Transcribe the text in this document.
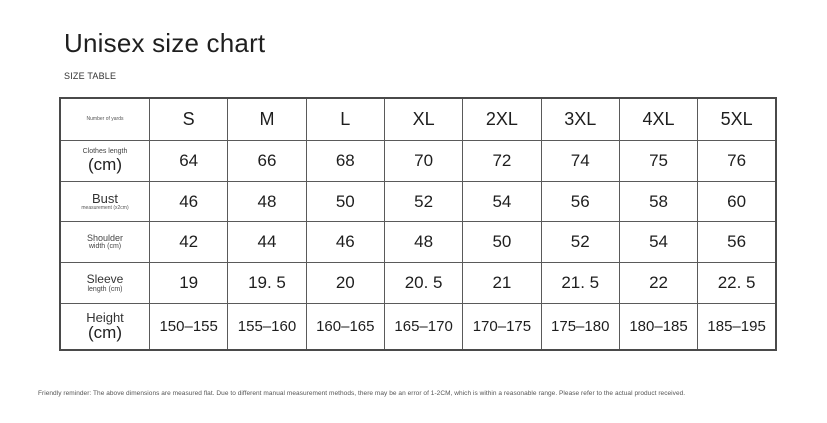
Unisex size chart
SIZE TABLE
Number of yards	S	M	L	XL	2XL	3XL	4XL	5XL

Clothes length
(cm)	64	66	68	70	72	74	75	76

Bust
measurement (x2cm)	46	48	50	52	54	56	58	60

Shoulder
width (cm)	42	44	46	48	50	52	54	56

Sleeve
length (cm)	19	19. 5	20	20. 5	21	21. 5	22	22. 5

Height
(cm)	150–155	155–160	160–165	165–170	170–175	175–180	180–185	185–195
Friendly reminder: The above dimensions are measured flat. Due to different manual measurement methods, there may be an error of 1-2CM, which is within a reasonable range. Please refer to the actual product received.
